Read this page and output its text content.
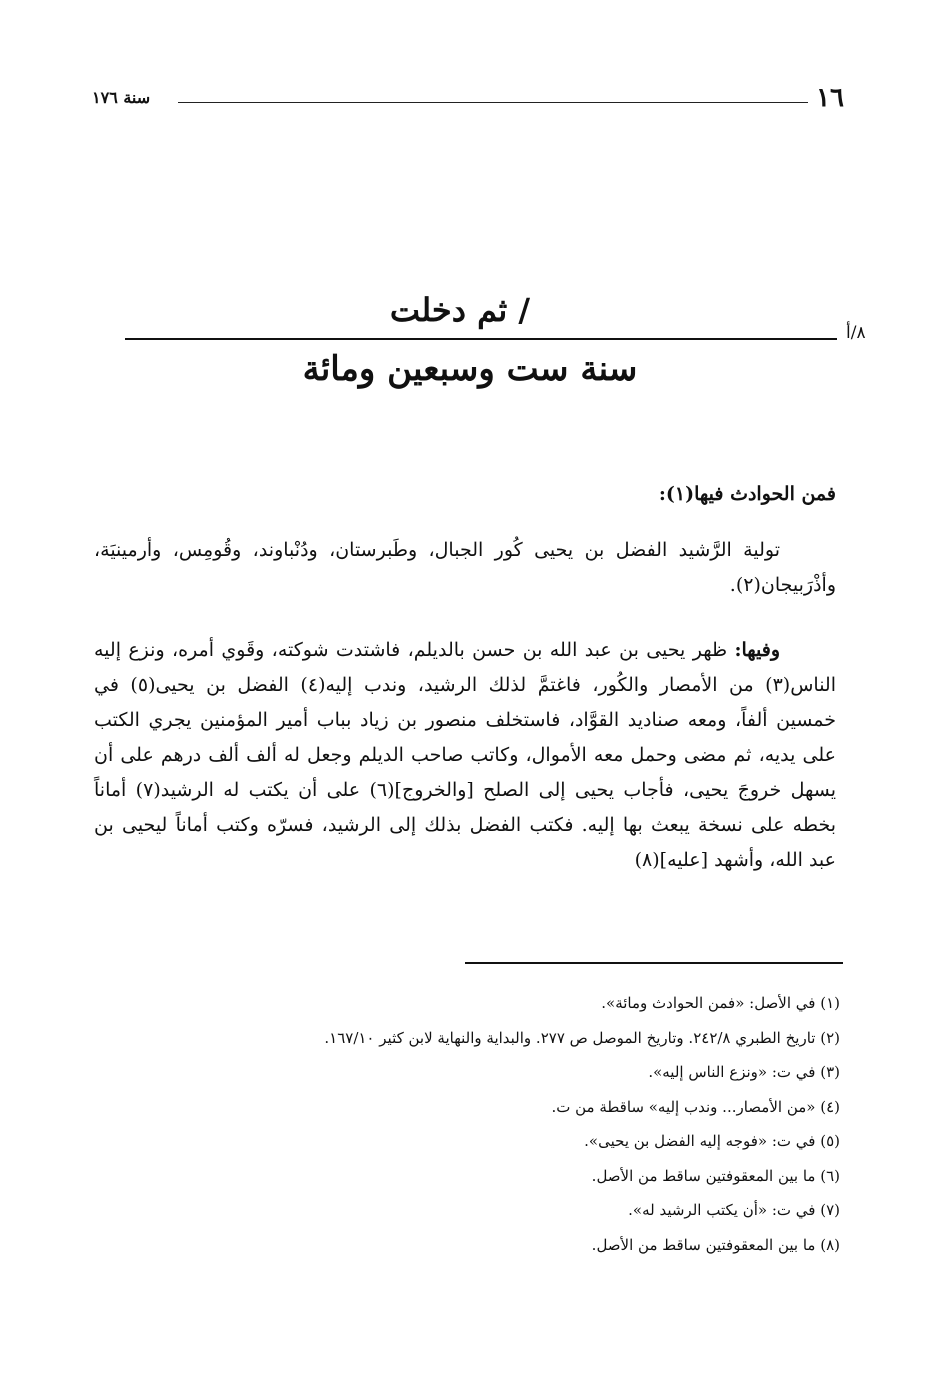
١٦
سنة ١٧٦
/ ثم دخلت
٨/أ
سنة ست وسبعين ومائة
فمن الحوادث فيها(١):

تولية الرَّشيد الفضل بن يحيى كُور الجبال، وطَبرستان، ودُنْباوند، وقُومِس، وأرمينيَة، وأذْرَبيجان(٢).

وفيها: ظهر يحيى بن عبد الله بن حسن بالديلم، فاشتدت شوكته، وقَوي أمره، ونزع إليه الناس(٣) من الأمصار والكُور، فاغتمَّ لذلك الرشيد، وندب إليه(٤) الفضل بن يحيى(٥) في خمسين ألفاً، ومعه صناديد القوَّاد، فاستخلف منصور بن زياد بباب أمير المؤمنين يجري الكتب على يديه، ثم مضى وحمل معه الأموال، وكاتب صاحب الديلم وجعل له ألف ألف درهم على أن يسهل خروجَ يحيى، فأجاب يحيى إلى الصلح [والخروج](٦) على أن يكتب له الرشيد(٧) أماناً بخطه على نسخة يبعث بها إليه. فكتب الفضل بذلك إلى الرشيد، فسرّه وكتب أماناً ليحيى بن عبد الله، وأشهد [عليه](٨)

(١) في الأصل: «فمن الحوادث ومائة».
(٢) تاريخ الطبري ٢٤٢/٨. وتاريخ الموصل ص ٢٧٧. والبداية والنهاية لابن كثير ١٦٧/١٠.
(٣) في ت: «ونزع الناس إليه».
(٤) «من الأمصار... وندب إليه» ساقطة من ت.
(٥) في ت: «فوجه إليه الفضل بن يحيى».
(٦) ما بين المعقوفتين ساقط من الأصل.
(٧) في ت: «أن يكتب الرشيد له».
(٨) ما بين المعقوفتين ساقط من الأصل.
